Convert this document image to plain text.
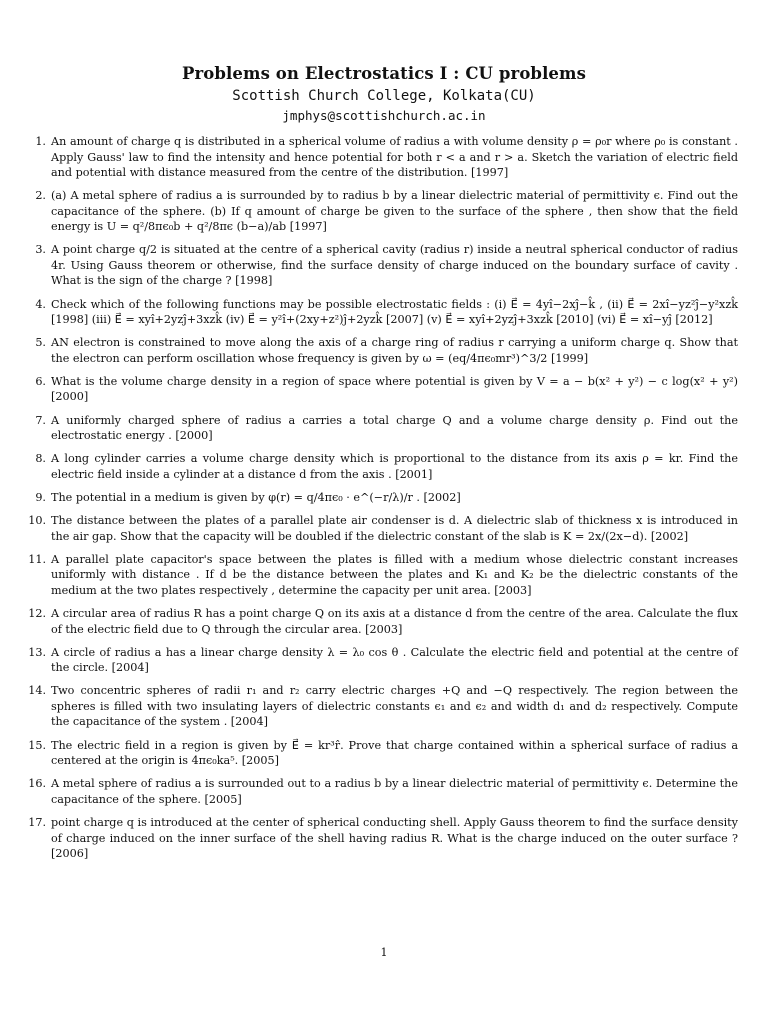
Problems on Electrostatics I : CU problems
Scottish Church College, Kolkata(CU)
jmphys@scottishchurch.ac.in
1. An amount of charge q is distributed in a spherical volume of radius a with volume density ρ = ρ₀r where ρ₀ is constant . Apply Gauss' law to find the intensity and hence potential for both r < a and r > a. Sketch the variation of electric field and potential with distance measured from the centre of the distribution. [1997]
2. (a) A metal sphere of radius a is surrounded by to radius b by a linear dielectric material of permittivity ϵ. Find out the capacitance of the sphere. (b) If q amount of charge be given to the surface of the sphere , then show that the field energy is U = q²/8πϵ₀b + q²/8πϵ (b−a)/ab [1997]
3. A point charge q/2 is situated at the centre of a spherical cavity (radius r) inside a neutral spherical conductor of radius 4r. Using Gauss theorem or otherwise, find the surface density of charge induced on the boundary surface of cavity . What is the sign of the charge ? [1998]
4. Check which of the following functions may be possible electrostatic fields : (i) E⃗ = 4yî−2xĵ−k̂ , (ii) E⃗ = 2xî−yz²ĵ−y²xzk̂ [1998] (iii) E⃗ = xyî+2yzĵ+3xzk̂ (iv) E⃗ = y²î+(2xy+z²)ĵ+2yzk̂ [2007] (v) E⃗ = xyî+2yzĵ+3xzk̂ [2010] (vi) E⃗ = xî−yĵ [2012]
5. AN electron is constrained to move along the axis of a charge ring of radius r carrying a uniform charge q. Show that the electron can perform oscillation whose frequency is given by ω = (eq/4πϵ₀mr³)^3/2 [1999]
6. What is the volume charge density in a region of space where potential is given by V = a − b(x² + y²) − c log(x² + y²) [2000]
7. A uniformly charged sphere of radius a carries a total charge Q and a volume charge density ρ. Find out the electrostatic energy . [2000]
8. A long cylinder carries a volume charge density which is proportional to the distance from its axis ρ = kr. Find the electric field inside a cylinder at a distance d from the axis . [2001]
9. The potential in a medium is given by φ(r) = q/4πϵ₀ · e^(−r/λ)/r . [2002]
10. The distance between the plates of a parallel plate air condenser is d. A dielectric slab of thickness x is introduced in the air gap. Show that the capacity will be doubled if the dielectric constant of the slab is K = 2x/(2x−d). [2002]
11. A parallel plate capacitor's space between the plates is filled with a medium whose dielectric constant increases uniformly with distance . If d be the distance between the plates and K₁ and K₂ be the dielectric constants of the medium at the two plates respectively , determine the capacity per unit area. [2003]
12. A circular area of radius R has a point charge Q on its axis at a distance d from the centre of the area. Calculate the flux of the electric field due to Q through the circular area. [2003]
13. A circle of radius a has a linear charge density λ = λ₀ cos θ . Calculate the electric field and potential at the centre of the circle. [2004]
14. Two concentric spheres of radii r₁ and r₂ carry electric charges +Q and −Q respectively. The region between the spheres is filled with two insulating layers of dielectric constants ϵ₁ and ϵ₂ and width d₁ and d₂ respectively. Compute the capacitance of the system . [2004]
15. The electric field in a region is given by E⃗ = kr³r̂. Prove that charge contained within a spherical surface of radius a centered at the origin is 4πϵ₀ka⁵. [2005]
16. A metal sphere of radius a is surrounded out to a radius b by a linear dielectric material of permittivity ϵ. Determine the capacitance of the sphere. [2005]
17. point charge q is introduced at the center of spherical conducting shell. Apply Gauss theorem to find the surface density of charge induced on the inner surface of the shell having radius R. What is the charge induced on the outer surface ? [2006]
1
